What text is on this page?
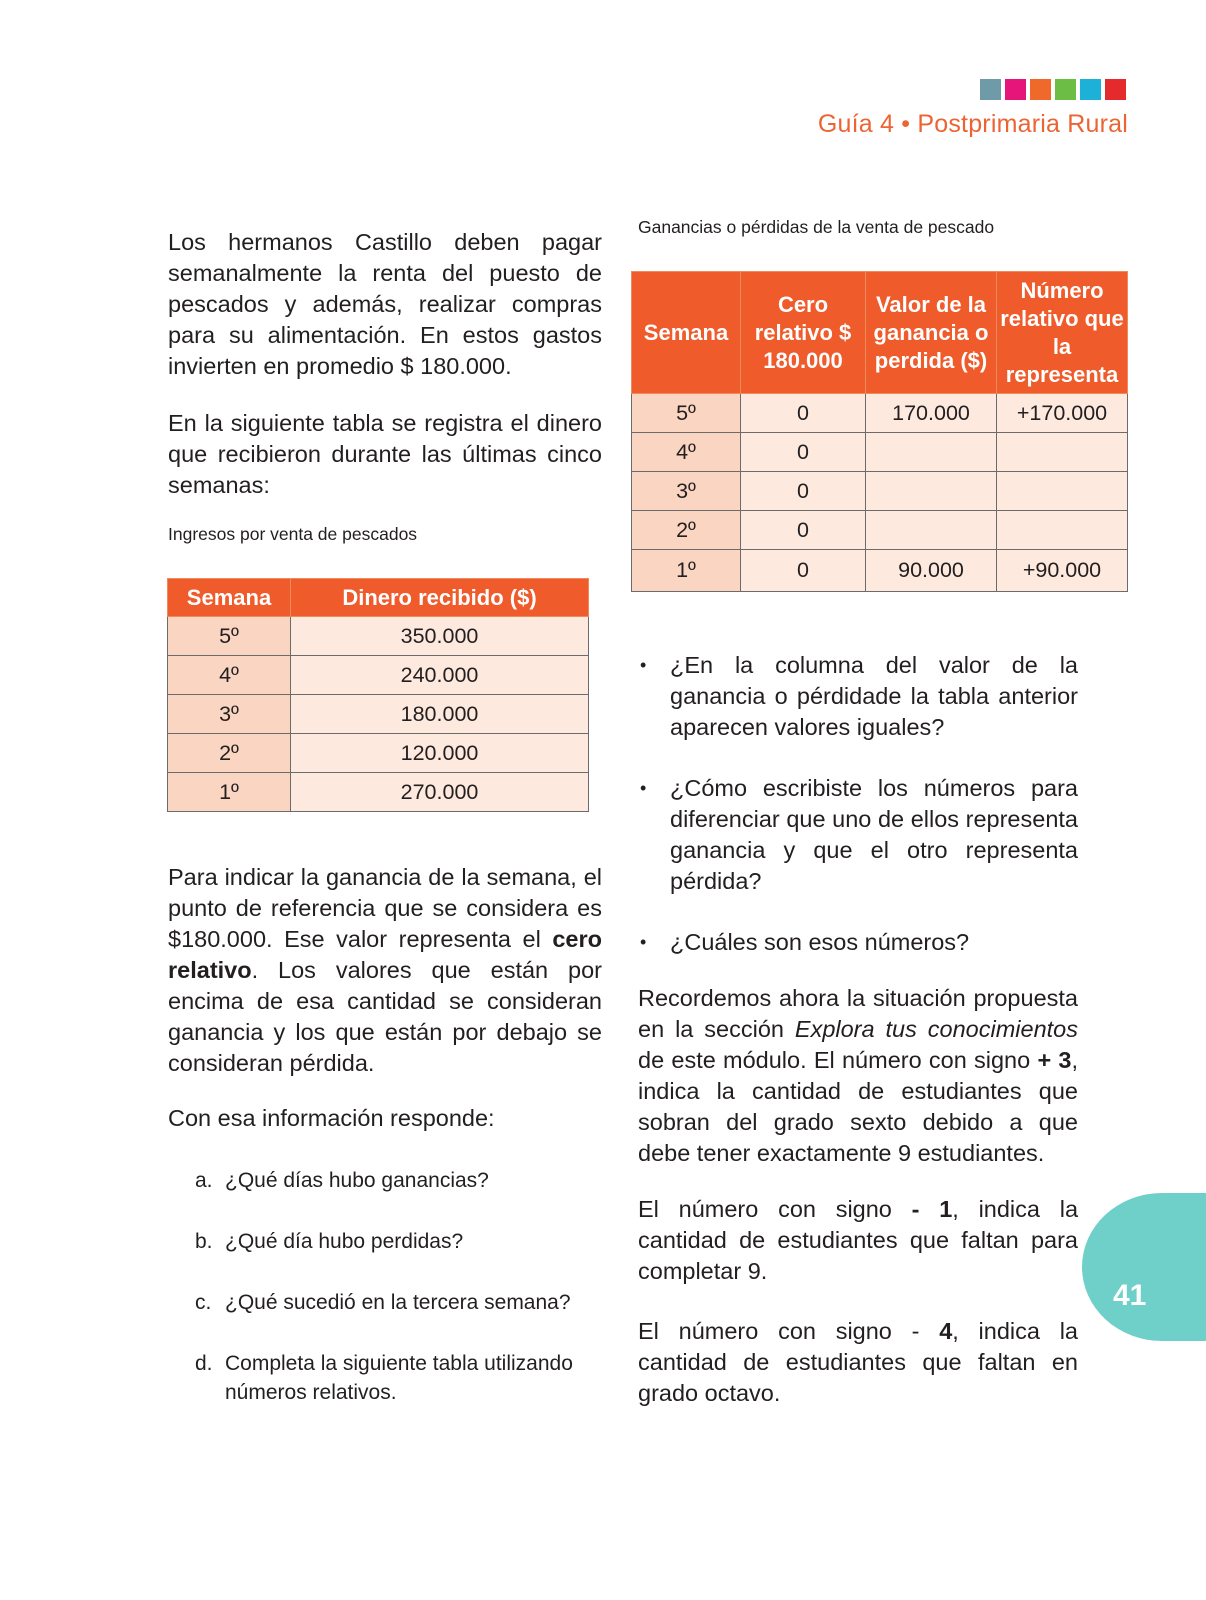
Guía 4 • Postprimaria Rural

Los hermanos Castillo deben pagar semanalmente la renta del puesto de pescados y además, realizar compras para su alimentación. En estos gastos invierten en promedio $ 180.000.

En la siguiente tabla se registra el dinero que recibieron durante las últimas cinco semanas:

Ingresos por venta de pescados

Semana	Dinero recibido ($)
5º	350.000
4º	240.000
3º	180.000
2º	120.000
1º	270.000

Para indicar la ganancia de la semana, el punto de referencia que se considera es $180.000. Ese valor representa el cero relativo. Los valores que están por encima de esa cantidad se consideran ganancia y los que están por debajo se consideran pérdida.

Con esa información responde:

a. ¿Qué días hubo ganancias?
b. ¿Qué día hubo perdidas?
c. ¿Qué sucedió en la tercera semana?
d. Completa la siguiente tabla utilizando números relativos.

Ganancias o pérdidas de la venta de pescado

Semana	Cero relativo $ 180.000	Valor de la ganancia o perdida ($)	Número relativo que la representa
5º	0	170.000	+170.000
4º	0		
3º	0		
2º	0		
1º	0	90.000	+90.000
• ¿En la columna del valor de la ganancia o pérdidade la tabla anterior aparecen valores iguales?
• ¿Cómo escribiste los números para diferenciar que uno de ellos representa ganancia y que el otro representa pérdida?
• ¿Cuáles son esos números?

Recordemos ahora la situación propuesta en la sección Explora tus conocimientos de este módulo. El número con signo + 3, indica la cantidad de estudiantes que sobran del grado sexto debido a que debe tener exactamente 9 estudiantes.

El número con signo - 1, indica la cantidad de estudiantes que faltan para completar 9.

El número con signo - 4, indica la cantidad de estudiantes que faltan en grado octavo.

41
